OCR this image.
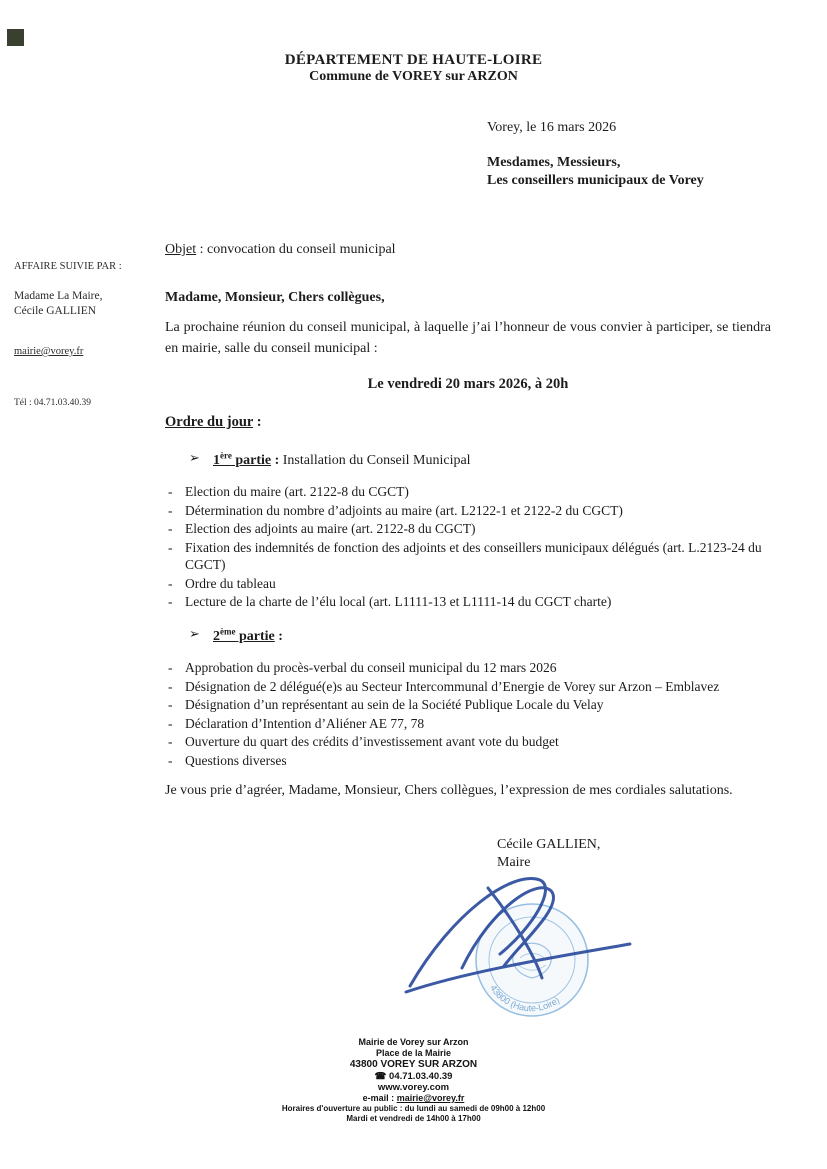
DÉPARTEMENT DE HAUTE-LOIRE
Commune de VOREY sur ARZON
Vorey, le 16 mars 2026
Mesdames, Messieurs,
Les conseillers municipaux de Vorey
AFFAIRE SUIVIE PAR :
Madame La Maire,
Cécile GALLIEN
mairie@vorey.fr
Tél : 04.71.03.40.39
Objet : convocation du conseil municipal
Madame, Monsieur, Chers collègues,
La prochaine réunion du conseil municipal, à laquelle j’ai l’honneur de vous convier à participer, se tiendra en mairie, salle du conseil municipal :
Le vendredi 20 mars 2026, à 20h
Ordre du jour :
➢ 1ère partie : Installation du Conseil Municipal
- Election du maire (art. 2122-8 du CGCT)
- Détermination du nombre d’adjoints au maire (art. L2122-1 et 2122-2 du CGCT)
- Election des adjoints au maire (art. 2122-8 du CGCT)
- Fixation des indemnités de fonction des adjoints et des conseillers municipaux délégués (art. L.2123-24 du CGCT)
- Ordre du tableau
- Lecture de la charte de l’élu local (art. L1111-13 et L1111-14 du CGCT charte)
➢ 2ème partie :
- Approbation du procès-verbal du conseil municipal du 12 mars 2026
- Désignation de 2 délégué(e)s au Secteur Intercommunal d’Energie de Vorey sur Arzon – Emblavez
- Désignation d’un représentant au sein de la Société Publique Locale du Velay
- Déclaration d’Intention d’Aliéner AE 77, 78
- Ouverture du quart des crédits d’investissement avant vote du budget
- Questions diverses
Je vous prie d’agréer, Madame, Monsieur, Chers collègues, l’expression de mes cordiales salutations.
Cécile GALLIEN,
Maire
43800 (Haute-Loire)
Mairie de Vorey sur Arzon
Place de la Mairie
43800 VOREY SUR ARZON
☎ 04.71.03.40.39
www.vorey.com
e-mail : mairie@vorey.fr
Horaires d'ouverture au public : du lundi au samedi de 09h00 à 12h00
Mardi et vendredi de 14h00 à 17h00
